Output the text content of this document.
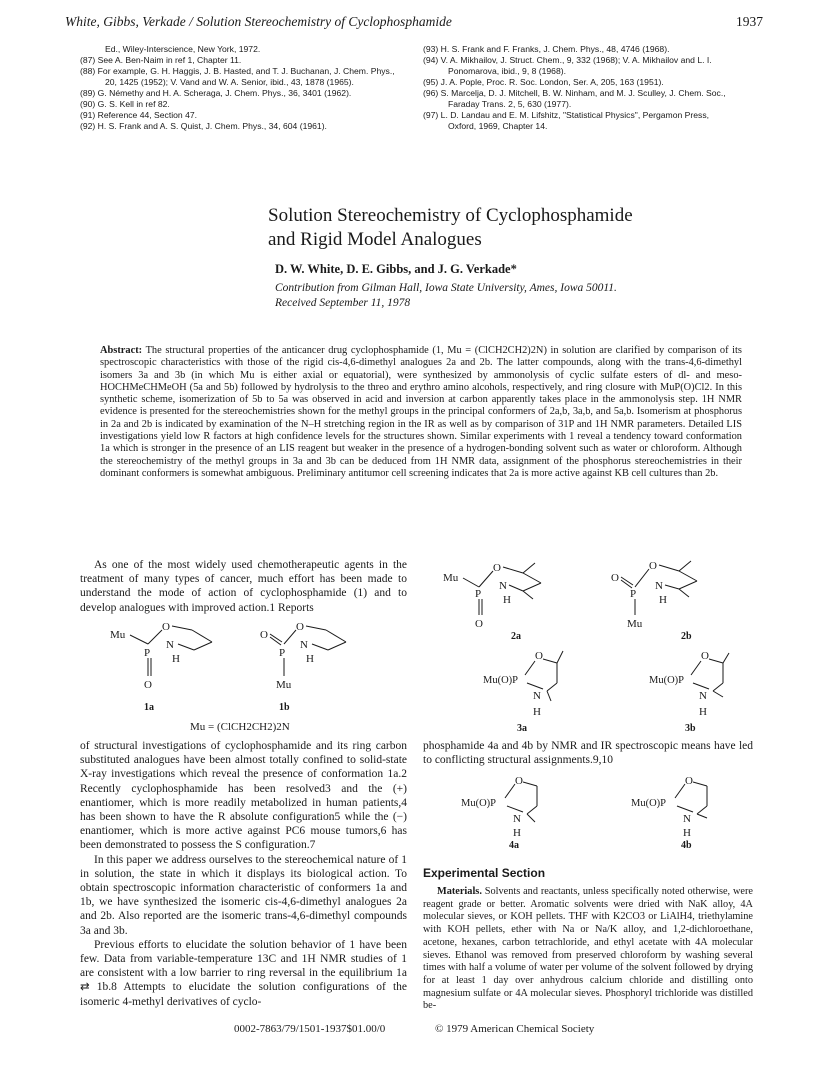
White, Gibbs, Verkade / Solution Stereochemistry of Cyclophosphamide	1937
Ed., Wiley-Interscience, New York, 1972.
(87) See A. Ben-Naim in ref 1, Chapter 11.
(88) For example, G. H. Haggis, J. B. Hasted, and T. J. Buchanan, J. Chem. Phys.,
20, 1425 (1952); V. Vand and W. A. Senior, ibid., 43, 1878 (1965).
(89) G. Némethy and H. A. Scheraga, J. Chem. Phys., 36, 3401 (1962).
(90) G. S. Kell in ref 82.
(91) Reference 44, Section 47.
(92) H. S. Frank and A. S. Quist, J. Chem. Phys., 34, 604 (1961).
(93) H. S. Frank and F. Franks, J. Chem. Phys., 48, 4746 (1968).
(94) V. A. Mikhailov, J. Struct. Chem., 9, 332 (1968); V. A. Mikhailov and L. I.
Ponomarova, ibid., 9, 8 (1968).
(95) J. A. Pople, Proc. R. Soc. London, Ser. A, 205, 163 (1951).
(96) S. Marcelja, D. J. Mitchell, B. W. Ninham, and M. J. Sculley, J. Chem. Soc.,
Faraday Trans. 2, 5, 630 (1977).
(97) L. D. Landau and E. M. Lifshitz, "Statistical Physics", Pergamon Press,
Oxford, 1969, Chapter 14.
Solution Stereochemistry of Cyclophosphamide
and Rigid Model Analogues
D. W. White, D. E. Gibbs, and J. G. Verkade*
Contribution from Gilman Hall, Iowa State University, Ames, Iowa 50011.
Received September 11, 1978
Abstract: The structural properties of the anticancer drug cyclophosphamide (1, Mu = (ClCH2CH2)2N) in solution are clarified by comparison of its spectroscopic characteristics with those of the rigid cis-4,6-dimethyl analogues 2a and 2b. The latter compounds, along with the trans-4,6-dimethyl isomers 3a and 3b (in which Mu is either axial or equatorial), were synthesized by ammonolysis of cyclic sulfate esters of dl- and meso-HOCHMeCHMeOH (5a and 5b) followed by hydrolysis to the threo and erythro amino alcohols, respectively, and ring closure with MuP(O)Cl2. In this synthetic scheme, isomerization of 5b to 5a was observed in acid and inversion at carbon apparently takes place in the ammonolysis step. 1H NMR evidence is presented for the stereochemistries shown for the methyl groups in the principal conformers of 2a,b, 3a,b, and 5a,b. Isomerism at phosphorus in 2a and 2b is indicated by examination of the N–H stretching region in the IR as well as by comparison of 31P and 1H NMR parameters. Detailed LIS investigations yield low R factors at high confidence levels for the structures shown. Similar experiments with 1 reveal a tendency toward conformation 1a which is stronger in the presence of an LIS reagent but weaker in the presence of a hydrogen-bonding solvent such as water or chloroform. Although the stereochemistry of the methyl groups in 3a and 3b can be deduced from 1H NMR data, assignment of the phosphorus stereochemistries in their dominant conformers is somewhat ambiguous. Preliminary antitumor cell screening indicates that 2a is more active against KB cell cultures than 2b.

As one of the most widely used chemotherapeutic agents in the treatment of many types of cancer, much effort has been made to understand the mode of action of cyclophosphamide (1) and to develop analogues with improved action.1 Reports

Mu
O
N
H
P
O
O
O
N
H
P
Mu
1a	1b
Mu = (ClCH2CH2)2N

of structural investigations of cyclophosphamide and its ring carbon substituted analogues have been almost totally confined to solid-state X-ray investigations which reveal the presence of conformation 1a.2 Recently cyclophosphamide has been resolved3 and the (+) enantiomer, which is more readily metabolized in human patients,4 has been shown to have the R absolute configuration5 while the (−) enantiomer, which is more active against PC6 mouse tumors,6 has been demonstrated to possess the S configuration.7

In this paper we address ourselves to the stereochemical nature of 1 in solution, the state in which it displays its biological action. To obtain spectroscopic information characteristic of conformers 1a and 1b, we have synthesized the isomeric cis-4,6-dimethyl analogues 2a and 2b. Also reported are the isomeric trans-4,6-dimethyl compounds 3a and 3b.

Previous efforts to elucidate the solution behavior of 1 have been few. Data from variable-temperature 13C and 1H NMR studies of 1 are consistent with a low barrier to ring reversal in the equilibrium 1a ⇄ 1b.8 Attempts to elucidate the solution configurations of the isomeric 4-methyl derivatives of cyclo-

Mu
O
N
H
P
O
O
O
N
H
P
Mu
2a	2b
O
Mu(O)P
N
H
O
Mu(O)P
N
H
3a	3b

phosphamide 4a and 4b by NMR and IR spectroscopic means have led to conflicting structural assignments.9,10

O
Mu(O)P
N
H
O
Mu(O)P
N
H
4a	4b
Experimental Section
Materials. Solvents and reactants, unless specifically noted otherwise, were reagent grade or better. Aromatic solvents were dried with NaK alloy, 4A molecular sieves, or KOH pellets. THF with K2CO3 or LiAlH4, triethylamine with KOH pellets, ether with Na or Na/K alloy, and 1,2-dichloroethane, acetone, hexanes, carbon tetrachloride, and ethyl acetate with 4A molecular sieves. Ethanol was removed from preserved chloroform by washing several times with half a volume of water per volume of the solvent followed by drying for at least 1 day over anhydrous calcium chloride and distilling onto magnesium sulfate or 4A molecular sieves. Phosphoryl trichloride was distilled be-
0002-7863/79/1501-1937$01.00/0	© 1979 American Chemical Society
